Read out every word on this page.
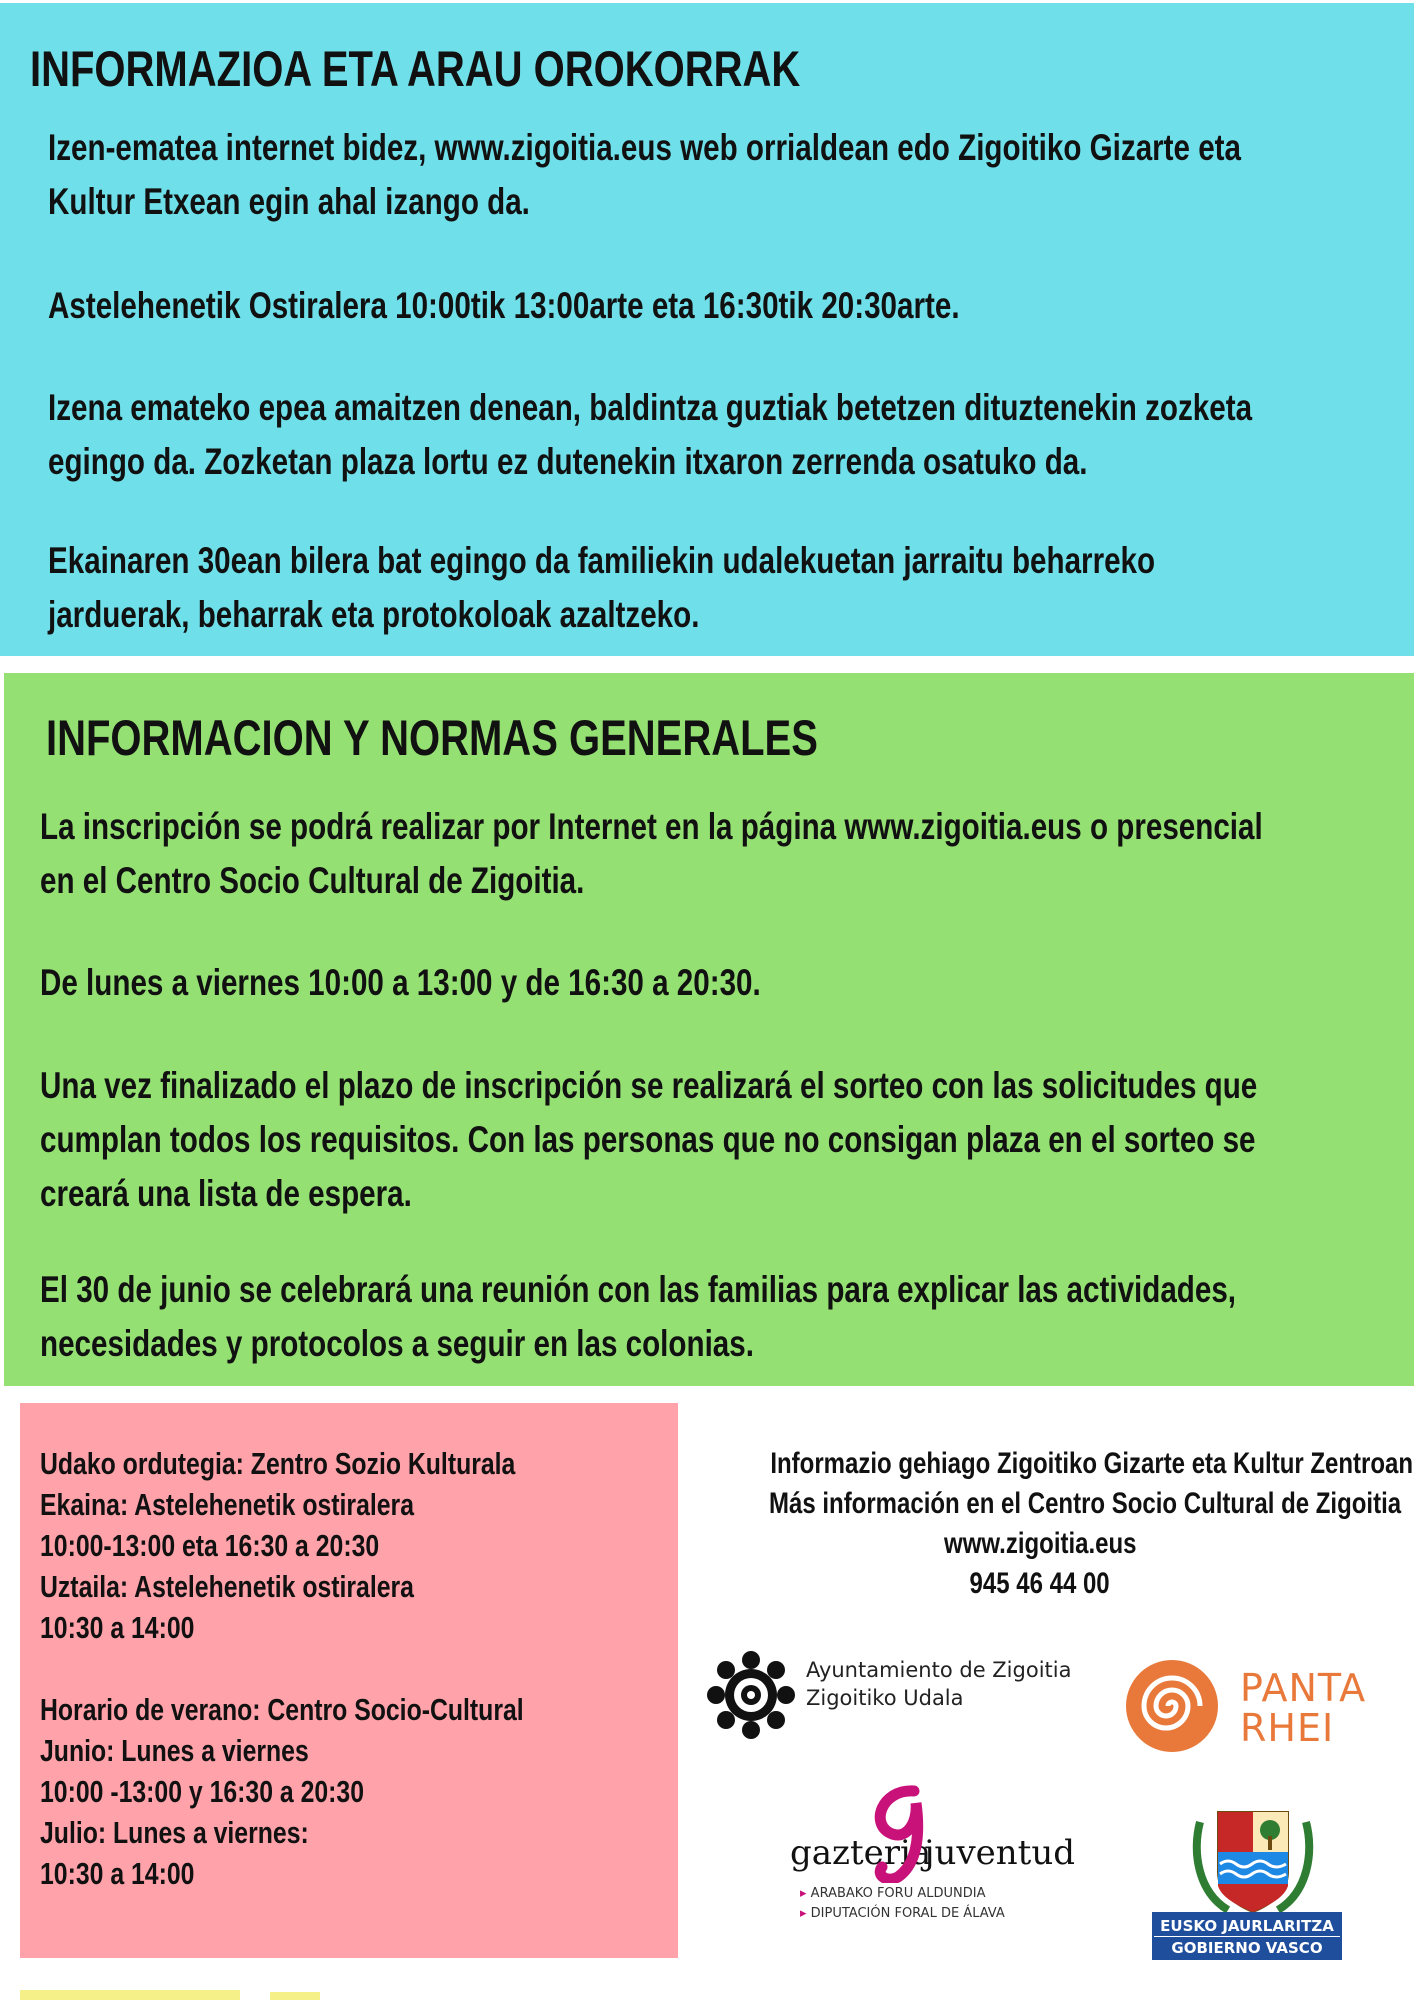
INFORMAZIOA ETA ARAU OROKORRAK
Izen-ematea internet bidez, www.zigoitia.eus web orrialdean edo Zigoitiko Gizarte eta
Kultur Etxean egin ahal izango da.
Astelehenetik Ostiralera 10:00tik 13:00arte eta 16:30tik 20:30arte.
Izena emateko epea amaitzen denean, baldintza guztiak betetzen dituztenekin zozketa
egingo da. Zozketan plaza lortu ez dutenekin itxaron zerrenda osatuko da.
Ekainaren 30ean bilera bat egingo da familiekin udalekuetan jarraitu beharreko
jarduerak, beharrak eta protokoloak azaltzeko.
INFORMACION Y NORMAS GENERALES
La inscripción se podrá realizar por Internet en la página www.zigoitia.eus o presencial
en el Centro Socio Cultural de Zigoitia.
De lunes a viernes 10:00 a 13:00 y de 16:30 a 20:30.
Una vez finalizado el plazo de inscripción se realizará el sorteo con las solicitudes que
cumplan todos los requisitos. Con las personas que no consigan plaza en el sorteo se
creará una lista de espera.
El 30 de junio se celebrará una reunión con las familias para explicar las actividades,
necesidades y protocolos a seguir en las colonias.
Udako ordutegia: Zentro Sozio Kulturala
Ekaina: Astelehenetik ostiralera
10:00-13:00 eta 16:30 a 20:30
Uztaila: Astelehenetik ostiralera
10:30 a 14:00
Horario de verano: Centro Socio-Cultural
Junio: Lunes a viernes
10:00 -13:00 y 16:30 a 20:30
Julio: Lunes a viernes:
10:30 a 14:00
Informazio gehiago Zigoitiko Gizarte eta Kultur Zentroan
Más información en el Centro Socio Cultural de Zigoitia
www.zigoitia.eus
945 46 44 00
Ayuntamiento de Zigoitia
Zigoitiko Udala	PANTA
RHEI
gazteria
juventud
▸ ARABAKO FORU ALDUNDIA
▸ DIPUTACIÓN FORAL DE ÁLAVA
EUSKO JAURLARITZA
GOBIERNO VASCO
